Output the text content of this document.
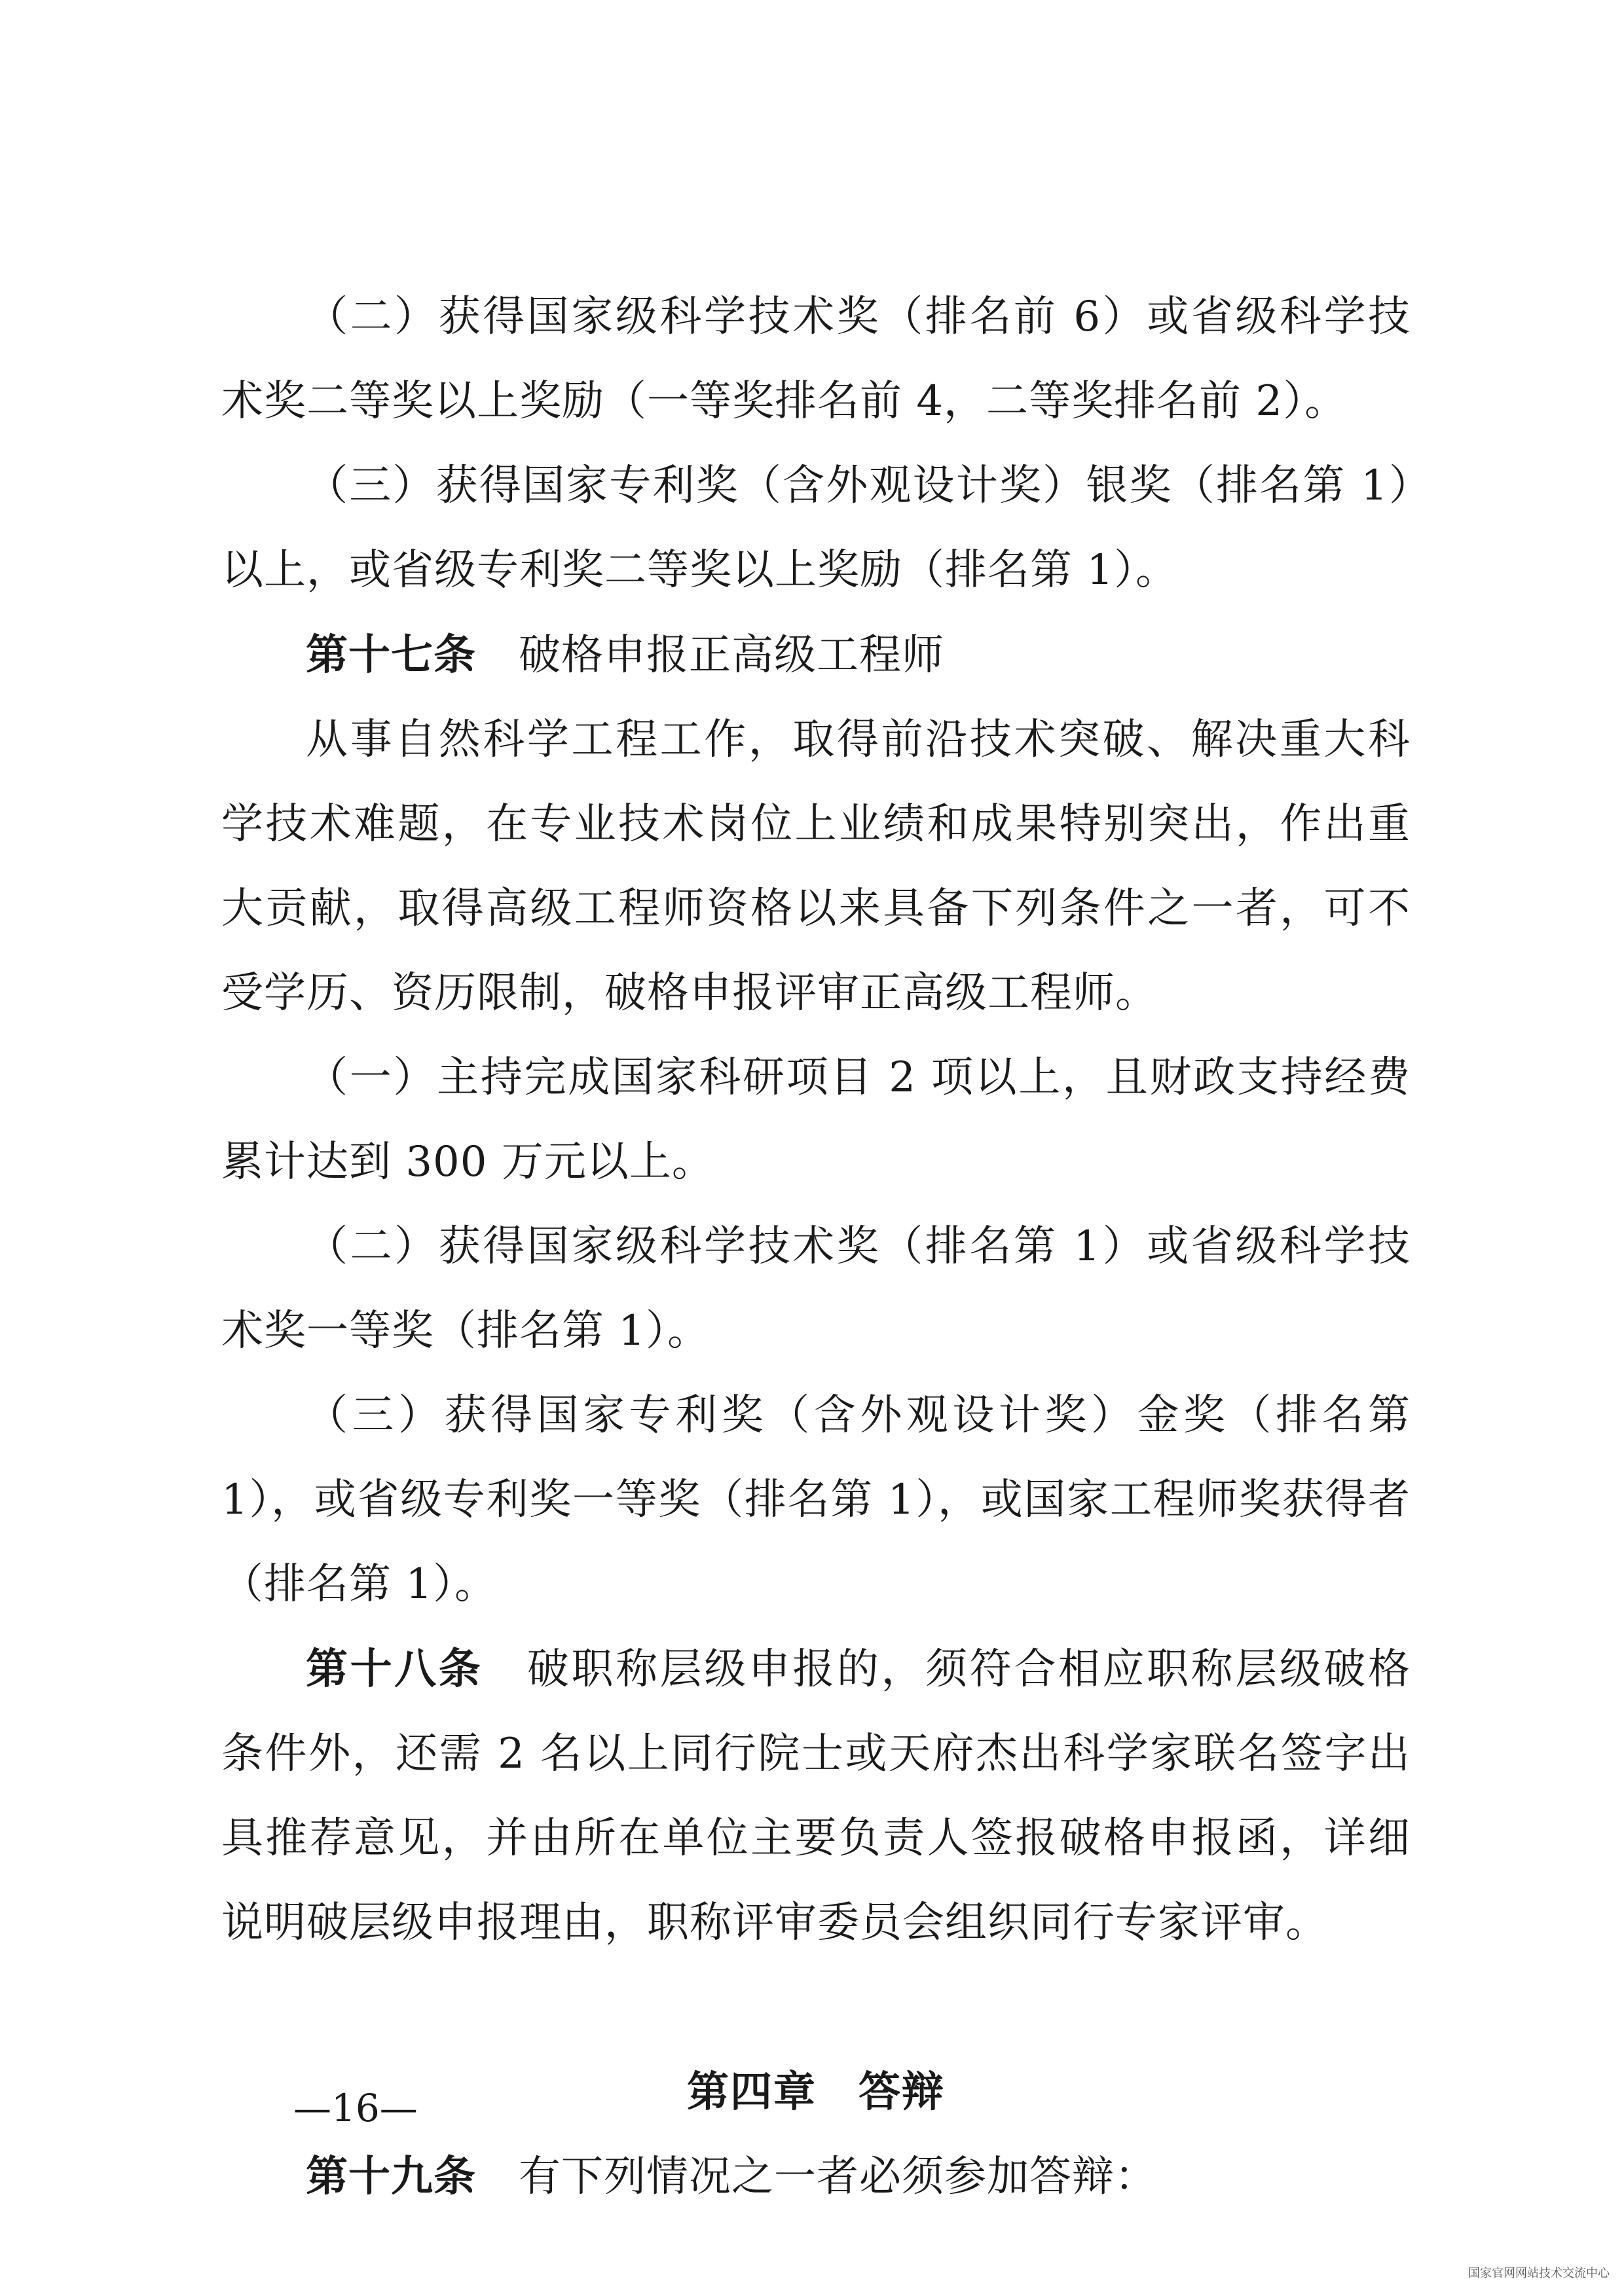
（二）获得国家级科学技术奖（排名前 6）或省级科学技术奖二等奖以上奖励（一等奖排名前 4，二等奖排名前 2）。

（三）获得国家专利奖（含外观设计奖）银奖（排名第 1）以上，或省级专利奖二等奖以上奖励（排名第 1）。

第十七条  破格申报正高级工程师

从事自然科学工程工作，取得前沿技术突破、解决重大科学技术难题，在专业技术岗位上业绩和成果特别突出，作出重大贡献，取得高级工程师资格以来具备下列条件之一者，可不受学历、资历限制，破格申报评审正高级工程师。

（一）主持完成国家科研项目 2 项以上，且财政支持经费累计达到 300 万元以上。

（二）获得国家级科学技术奖（排名第 1）或省级科学技术奖一等奖（排名第 1）。

（三）获得国家专利奖（含外观设计奖）金奖（排名第 1），或省级专利奖一等奖（排名第 1），或国家工程师奖获得者（排名第 1）。

第十八条  破职称层级申报的，须符合相应职称层级破格条件外，还需 2 名以上同行院士或天府杰出科学家联名签字出具推荐意见，并由所在单位主要负责人签报破格申报函，详细说明破层级申报理由，职称评审委员会组织同行专家评审。

第四章 答辩

第十九条  有下列情况之一者必须参加答辩：

—16—
国家官网网站技术交流中心
